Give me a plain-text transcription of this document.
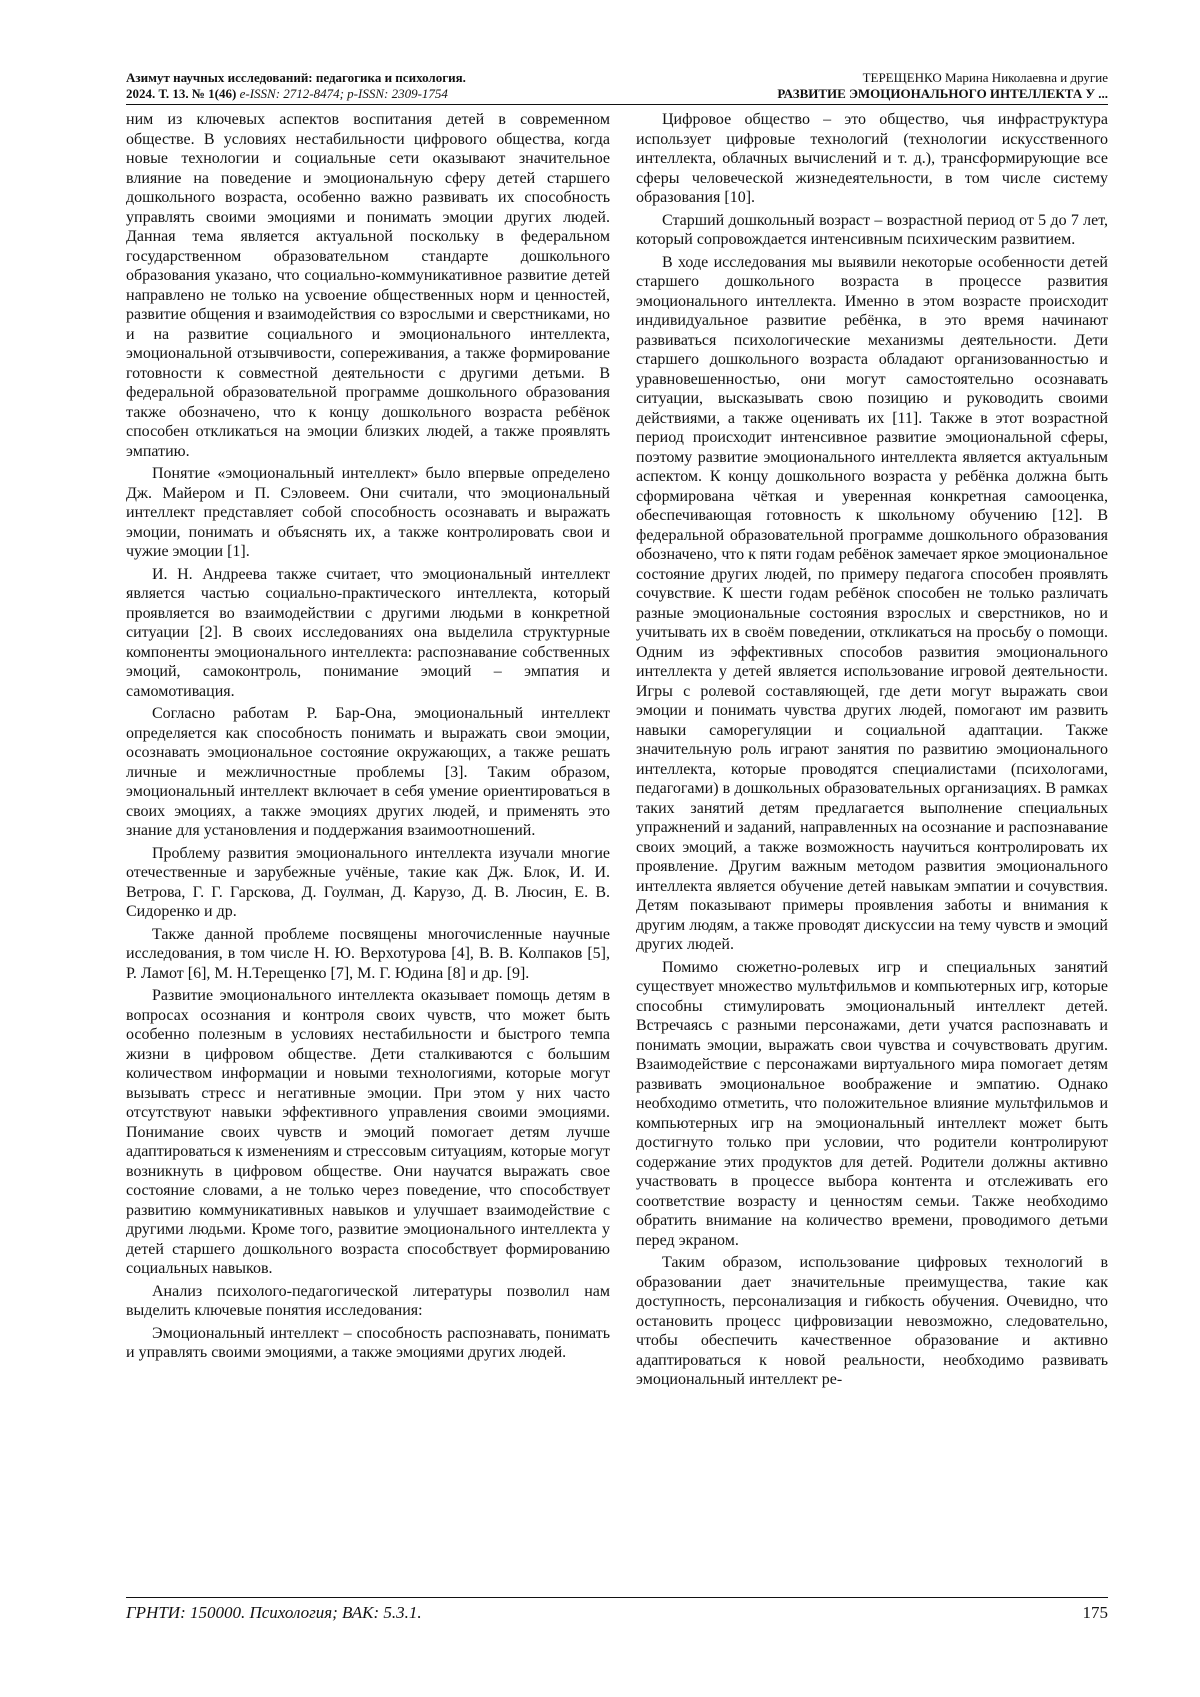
Азимут научных исследований: педагогика и психология.
2024. Т. 13. № 1(46) e-ISSN: 2712-8474; p-ISSN: 2309-1754
ТЕРЕЩЕНКО Марина Николаевна и другие
РАЗВИТИЕ ЭМОЦИОНАЛЬНОГО ИНТЕЛЛЕКТА У ...

ним из ключевых аспектов воспитания детей в современном обществе. В условиях нестабильности цифрового общества, когда новые технологии и социальные сети оказывают значительное влияние на поведение и эмоциональную сферу детей старшего дошкольного возраста, особенно важно развивать их способность управлять своими эмоциями и понимать эмоции других людей. Данная тема является актуальной поскольку в федеральном государственном образовательном стандарте дошкольного образования указано, что социально-коммуникативное развитие детей направлено не только на усвоение общественных норм и ценностей, развитие общения и взаимодействия со взрослыми и сверстниками, но и на развитие социального и эмоционального интеллекта, эмоциональной отзывчивости, сопереживания, а также формирование готовности к совместной деятельности с другими детьми. В федеральной образовательной программе дошкольного образования также обозначено, что к концу дошкольного возраста ребёнок способен откликаться на эмоции близких людей, а также проявлять эмпатию.

Понятие «эмоциональный интеллект» было впервые определено Дж. Майером и П. Сэловеем. Они считали, что эмоциональный интеллект представляет собой способность осознавать и выражать эмоции, понимать и объяснять их, а также контролировать свои и чужие эмоции [1].

И. Н. Андреева также считает, что эмоциональный интеллект является частью социально-практического интеллекта, который проявляется во взаимодействии с другими людьми в конкретной ситуации [2]. В своих исследованиях она выделила структурные компоненты эмоционального интеллекта: распознавание собственных эмоций, самоконтроль, понимание эмоций – эмпатия и самомотивация.

Согласно работам Р. Бар-Она, эмоциональный интеллект определяется как способность понимать и выражать свои эмоции, осознавать эмоциональное состояние окружающих, а также решать личные и межличностные проблемы [3]. Таким образом, эмоциональный интеллект включает в себя умение ориентироваться в своих эмоциях, а также эмоциях других людей, и применять это знание для установления и поддержания взаимоотношений.

Проблему развития эмоционального интеллекта изучали многие отечественные и зарубежные учёные, такие как Дж. Блок, И. И. Ветрова, Г. Г. Гарскова, Д. Гоулман, Д. Карузо, Д. В. Люсин, Е. В. Сидоренко и др.

Также данной проблеме посвящены многочисленные научные исследования, в том числе Н. Ю. Верхотурова [4], В. В. Колпаков [5], Р. Ламот [6], М. Н.Терещенко [7], М. Г. Юдина [8] и др. [9].

Развитие эмоционального интеллекта оказывает помощь детям в вопросах осознания и контроля своих чувств, что может быть особенно полезным в условиях нестабильности и быстрого темпа жизни в цифровом обществе. Дети сталкиваются с большим количеством информации и новыми технологиями, которые могут вызывать стресс и негативные эмоции. При этом у них часто отсутствуют навыки эффективного управления своими эмоциями. Понимание своих чувств и эмоций помогает детям лучше адаптироваться к изменениям и стрессовым ситуациям, которые могут возникнуть в цифровом обществе. Они научатся выражать свое состояние словами, а не только через поведение, что способствует развитию коммуникативных навыков и улучшает взаимодействие с другими людьми. Кроме того, развитие эмоционального интеллекта у детей старшего дошкольного возраста способствует формированию социальных навыков.

Анализ психолого-педагогической литературы позволил нам выделить ключевые понятия исследования:

Эмоциональный интеллект – способность распознавать, понимать и управлять своими эмоциями, а также эмоциями других людей.

Цифровое общество – это общество, чья инфраструктура использует цифровые технологий (технологии искусственного интеллекта, облачных вычислений и т. д.), трансформирующие все сферы человеческой жизнедеятельности, в том числе систему образования [10].

Старший дошкольный возраст – возрастной период от 5 до 7 лет, который сопровождается интенсивным психическим развитием.

В ходе исследования мы выявили некоторые особенности детей старшего дошкольного возраста в процессе развития эмоционального интеллекта. Именно в этом возрасте происходит индивидуальное развитие ребёнка, в это время начинают развиваться психологические механизмы деятельности. Дети старшего дошкольного возраста обладают организованностью и уравновешенностью, они могут самостоятельно осознавать ситуации, высказывать свою позицию и руководить своими действиями, а также оценивать их [11]. Также в этот возрастной период происходит интенсивное развитие эмоциональной сферы, поэтому развитие эмоционального интеллекта является актуальным аспектом. К концу дошкольного возраста у ребёнка должна быть сформирована чёткая и уверенная конкретная самооценка, обеспечивающая готовность к школьному обучению [12]. В федеральной образовательной программе дошкольного образования обозначено, что к пяти годам ребёнок замечает яркое эмоциональное состояние других людей, по примеру педагога способен проявлять сочувствие. К шести годам ребёнок способен не только различать разные эмоциональные состояния взрослых и сверстников, но и учитывать их в своём поведении, откликаться на просьбу о помощи. Одним из эффективных способов развития эмоционального интеллекта у детей является использование игровой деятельности. Игры с ролевой составляющей, где дети могут выражать свои эмоции и понимать чувства других людей, помогают им развить навыки саморегуляции и социальной адаптации. Также значительную роль играют занятия по развитию эмоционального интеллекта, которые проводятся специалистами (психологами, педагогами) в дошкольных образовательных организациях. В рамках таких занятий детям предлагается выполнение специальных упражнений и заданий, направленных на осознание и распознавание своих эмоций, а также возможность научиться контролировать их проявление. Другим важным методом развития эмоционального интеллекта является обучение детей навыкам эмпатии и сочувствия. Детям показывают примеры проявления заботы и внимания к другим людям, а также проводят дискуссии на тему чувств и эмоций других людей.

Помимо сюжетно-ролевых игр и специальных занятий существует множество мультфильмов и компьютерных игр, которые способны стимулировать эмоциональный интеллект детей. Встречаясь с разными персонажами, дети учатся распознавать и понимать эмоции, выражать свои чувства и сочувствовать другим. Взаимодействие с персонажами виртуального мира помогает детям развивать эмоциональное воображение и эмпатию. Однако необходимо отметить, что положительное влияние мультфильмов и компьютерных игр на эмоциональный интеллект может быть достигнуто только при условии, что родители контролируют содержание этих продуктов для детей. Родители должны активно участвовать в процессе выбора контента и отслеживать его соответствие возрасту и ценностям семьи. Также необходимо обратить внимание на количество времени, проводимого детьми перед экраном.

Таким образом, использование цифровых технологий в образовании дает значительные преимущества, такие как доступность, персонализация и гибкость обучения. Очевидно, что остановить процесс цифровизации невозможно, следовательно, чтобы обеспечить качественное образование и активно адаптироваться к новой реальности, необходимо развивать эмоциональный интеллект ре-

ГРНТИ: 150000. Психология; ВАК: 5.3.1.	175
